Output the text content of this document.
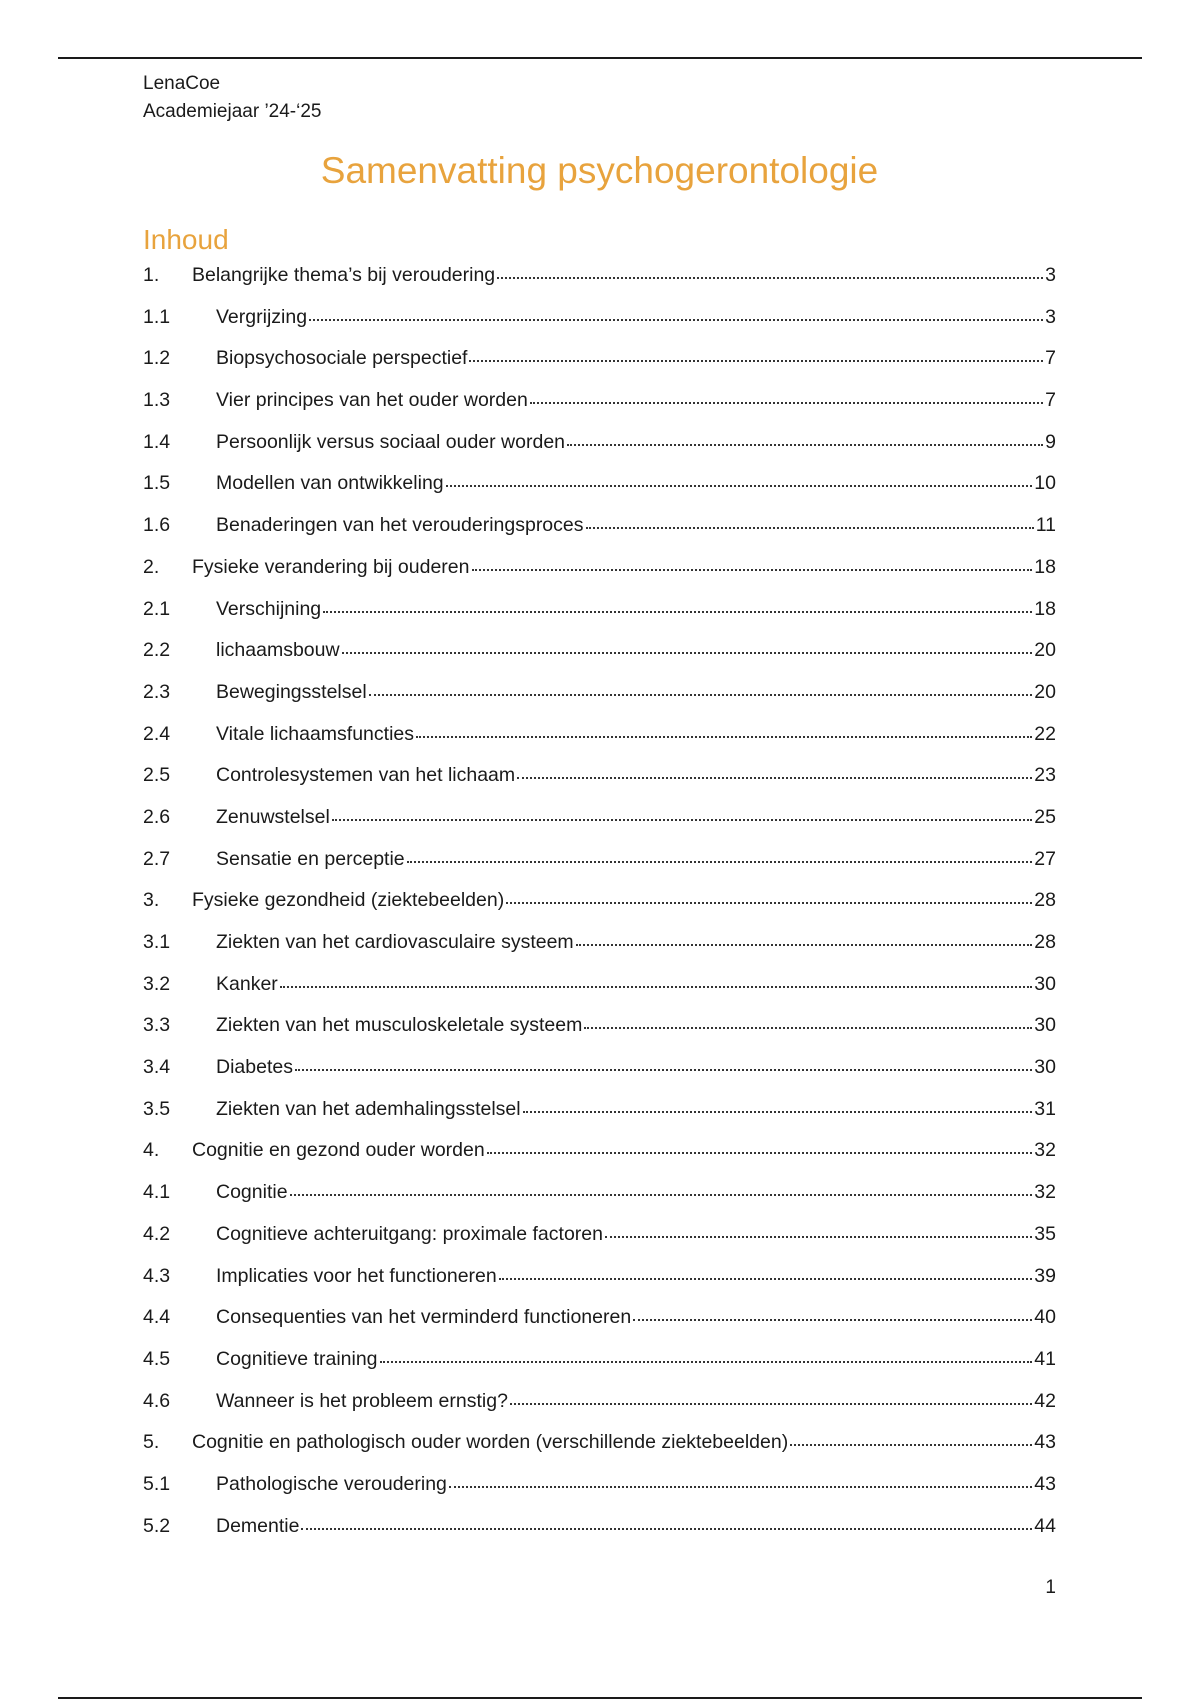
LenaCoe
Academiejaar ’24-‘25
Samenvatting psychogerontologie
Inhoud
1.	Belangrijke thema’s bij veroudering	3
1.1	Vergrijzing	3
1.2	Biopsychosociale perspectief	7
1.3	Vier principes van het ouder worden	7
1.4	Persoonlijk versus sociaal ouder worden	9
1.5	Modellen van ontwikkeling	10
1.6	Benaderingen van het verouderingsproces	11
2.	Fysieke verandering bij ouderen	18
2.1	Verschijning	18
2.2	lichaamsbouw	20
2.3	Bewegingsstelsel	20
2.4	Vitale lichaamsfuncties	22
2.5	Controlesystemen van het lichaam	23
2.6	Zenuwstelsel	25
2.7	Sensatie en perceptie	27
3.	Fysieke gezondheid (ziektebeelden)	28
3.1	Ziekten van het cardiovasculaire systeem	28
3.2	Kanker	30
3.3	Ziekten van het musculoskeletale systeem	30
3.4	Diabetes	30
3.5	Ziekten van het ademhalingsstelsel	31
4.	Cognitie en gezond ouder worden	32
4.1	Cognitie	32
4.2	Cognitieve achteruitgang: proximale factoren	35
4.3	Implicaties voor het functioneren	39
4.4	Consequenties van het verminderd functioneren	40
4.5	Cognitieve training	41
4.6	Wanneer is het probleem ernstig?	42
5.	Cognitie en pathologisch ouder worden (verschillende ziektebeelden)	43
5.1	Pathologische veroudering	43
5.2	Dementie	44
1
